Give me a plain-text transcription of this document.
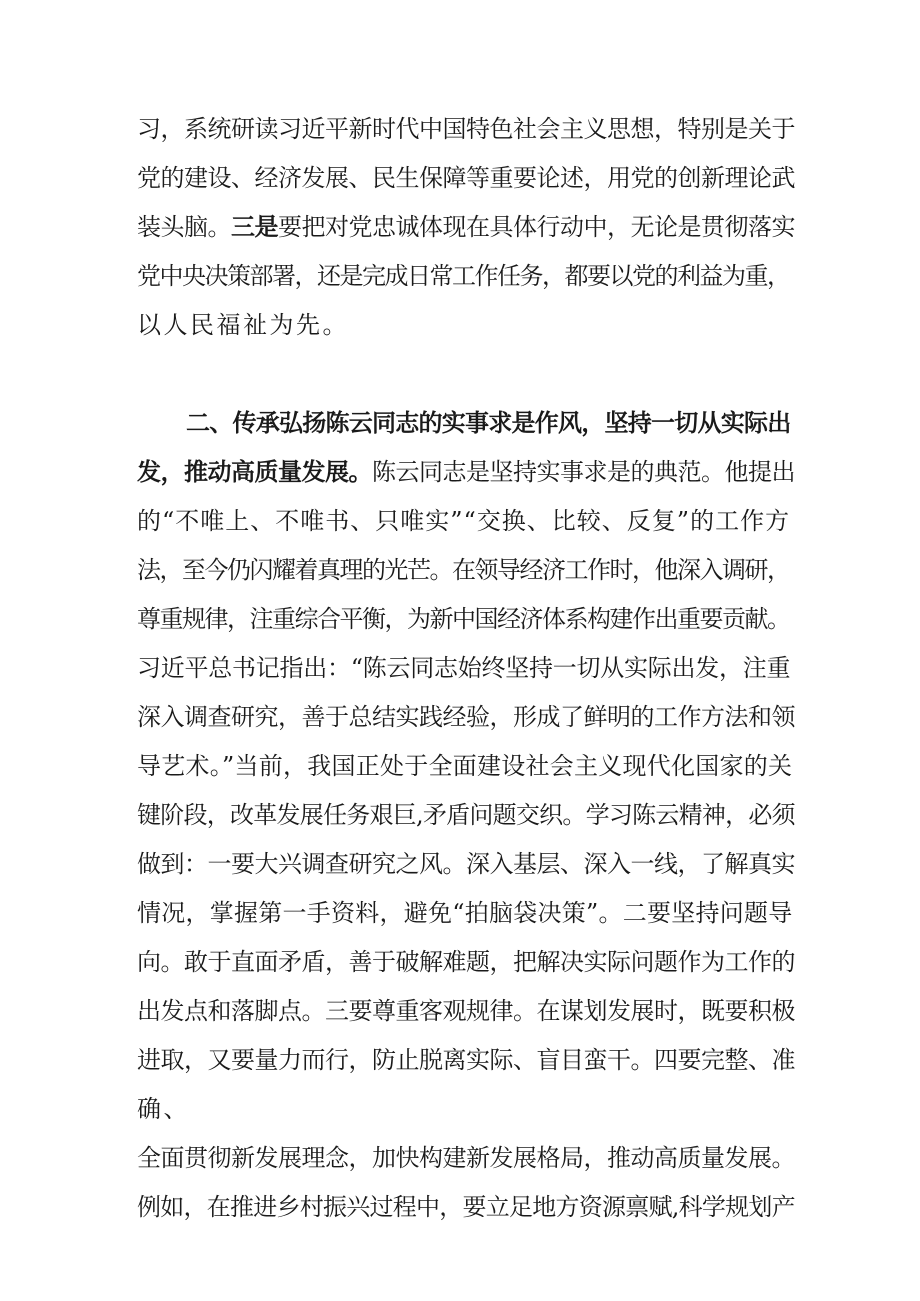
习，系统研读习近平新时代中国特色社会主义思想，特别是关于
党的建设、经济发展、民生保障等重要论述，用党的创新理论武
装头脑。三是要把对党忠诚体现在具体行动中，无论是贯彻落实
党中央决策部署，还是完成日常工作任务，都要以党的利益为重，
以人民福祉为先。
二、传承弘扬陈云同志的实事求是作风，坚持一切从实际出
发，推动高质量发展。陈云同志是坚持实事求是的典范。他提出
的“不唯上、不唯书、只唯实”“交换、比较、反复”的工作方
法，至今仍闪耀着真理的光芒。在领导经济工作时，他深入调研，
尊重规律，注重综合平衡，为新中国经济体系构建作出重要贡献。
习近平总书记指出：“陈云同志始终坚持一切从实际出发，注重
深入调查研究，善于总结实践经验，形成了鲜明的工作方法和领
导艺术。”当前，我国正处于全面建设社会主义现代化国家的关
键阶段，改革发展任务艰巨,矛盾问题交织。学习陈云精神，必须
做到：一要大兴调查研究之风。深入基层、深入一线，了解真实
情况，掌握第一手资料，避免“拍脑袋决策”。二要坚持问题导
向。敢于直面矛盾，善于破解难题，把解决实际问题作为工作的
出发点和落脚点。三要尊重客观规律。在谋划发展时，既要积极
进取，又要量力而行，防止脱离实际、盲目蛮干。四要完整、准
确、
全面贯彻新发展理念，加快构建新发展格局，推动高质量发展。
例如，在推进乡村振兴过程中，要立足地方资源禀赋,科学规划产
